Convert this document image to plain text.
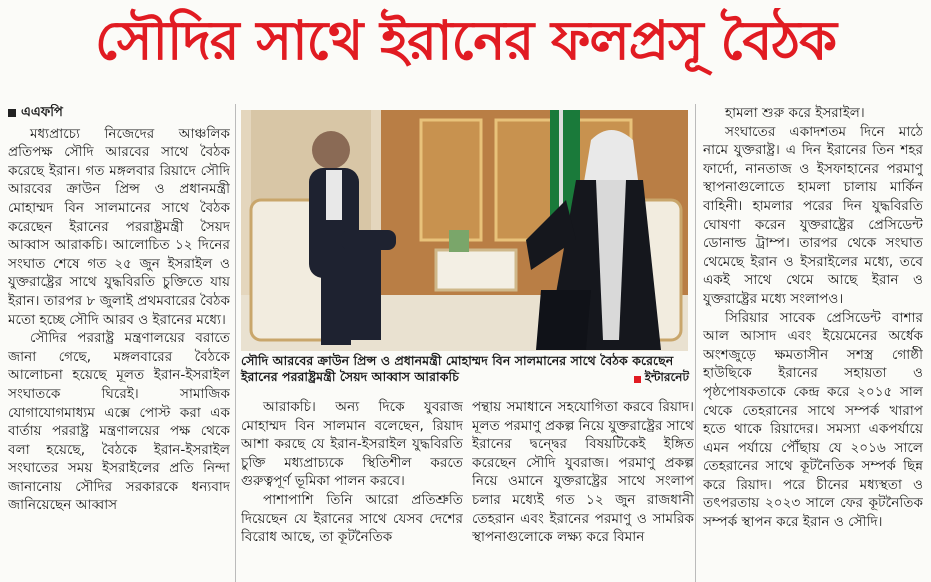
সৌদির সাথে ইরানের ফলপ্রসূ বৈঠক
এএফপি

মধ্যপ্রাচ্যে নিজেদের আঞ্চলিক প্রতিপক্ষ সৌদি আরবের সাথে বৈঠক করেছে ইরান। গত মঙ্গলবার রিয়াদে সৌদি আরবের ক্রাউন প্রিন্স ও প্রধানমন্ত্রী মোহাম্মদ বিন সালমানের সাথে বৈঠক করেছেন ইরানের পররাষ্ট্রমন্ত্রী সৈয়দ আব্বাস আরাকচি। আলোচিত ১২ দিনের সংঘাত শেষে গত ২৫ জুন ইসরাইল ও যুক্তরাষ্ট্রের সাথে যুদ্ধবিরতি চুক্তিতে যায় ইরান। তারপর ৮ জুলাই প্রথমবারের বৈঠক মতো হচ্ছে সৌদি আরব ও ইরানের মধ্যে।

সৌদির পররাষ্ট্র মন্ত্রণালয়ের বরাতে জানা গেছে, মঙ্গলবারের বৈঠকে আলোচনা হয়েছে মূলত ইরান-ইসরাইল সংঘাতকে ঘিরেই। সামাজিক যোগাযোগমাধ্যম এক্সে পোস্ট করা এক বার্তায় পররাষ্ট্র মন্ত্রণালয়ের পক্ষ থেকে বলা হয়েছে, বৈঠকে ইরান-ইসরাইল সংঘাতের সময় ইসরাইলের প্রতি নিন্দা জানানোয় সৌদির সরকারকে ধন্যবাদ জানিয়েছেন আব্বাস

সৌদি আরবের ক্রাউন প্রিন্স ও প্রধানমন্ত্রী মোহাম্মদ বিন সালমানের সাথে বৈঠক করেছেন ইরানের পররাষ্ট্রমন্ত্রী সৈয়দ আব্বাস আরাকচি	ইন্টারনেট

আরাকচি। অন্য দিকে যুবরাজ মোহাম্মদ বিন সালমান বলেছেন, রিয়াদ আশা করছে যে ইরান-ইসরাইল যুদ্ধবিরতি চুক্তি মধ্যপ্রাচ্যকে স্থিতিশীল করতে গুরুত্বপূর্ণ ভূমিকা পালন করবে।

পাশাপাশি তিনি আরো প্রতিশ্রুতি দিয়েছেন যে ইরানের সাথে যেসব দেশের বিরোধ আছে, তা কূটনৈতিক

পন্থায় সমাধানে সহযোগিতা করবে রিয়াদ। মূলত পরমাণু প্রকল্প নিয়ে যুক্তরাষ্ট্রের সাথে ইরানের দ্বন্দ্বের বিষয়টিকেই ইঙ্গিত করেছেন সৌদি যুবরাজ। পরমাণু প্রকল্প নিয়ে ওমানে যুক্তরাষ্ট্রের সাথে সংলাপ চলার মধ্যেই গত ১২ জুন রাজধানী তেহরান এবং ইরানের পরমাণু ও সামরিক স্থাপনাগুলোকে লক্ষ্য করে বিমান

হামলা শুরু করে ইসরাইল।

সংঘাতের একাদশতম দিনে মাঠে নামে যুক্তরাষ্ট্র। এ দিন ইরানের তিন শহর ফার্দো, নানতাজ ও ইসফাহানের পরমাণু স্থাপনাগুলোতে হামলা চালায় মার্কিন বাহিনী। হামলার পরের দিন যুদ্ধবিরতি ঘোষণা করেন যুক্তরাষ্ট্রের প্রেসিডেন্ট ডোনাল্ড ট্রাম্প। তারপর থেকে সংঘাত থেমেছে ইরান ও ইসরাইলের মধ্যে, তবে একই সাথে থেমে আছে ইরান ও যুক্তরাষ্ট্রের মধ্যে সংলাপও।

সিরিয়ার সাবেক প্রেসিডেন্ট বাশার আল আসাদ এবং ইয়েমেনের অর্ধেক অংশজুড়ে ক্ষমতাসীন সশস্ত্র গোষ্ঠী হাউছিকে ইরানের সহায়তা ও পৃষ্ঠপোষকতাকে কেন্দ্র করে ২০১৫ সাল থেকে তেহরানের সাথে সম্পর্ক খারাপ হতে থাকে রিয়াদের। সমস্যা একপর্যায়ে এমন পর্যায়ে পৌঁছায় যে ২০১৬ সালে তেহরানের সাথে কূটনৈতিক সম্পর্ক ছিন্ন করে রিয়াদ। পরে চীনের মধ্যস্থতা ও তৎপরতায় ২০২৩ সালে ফের কূটনৈতিক সম্পর্ক স্থাপন করে ইরান ও সৌদি।
